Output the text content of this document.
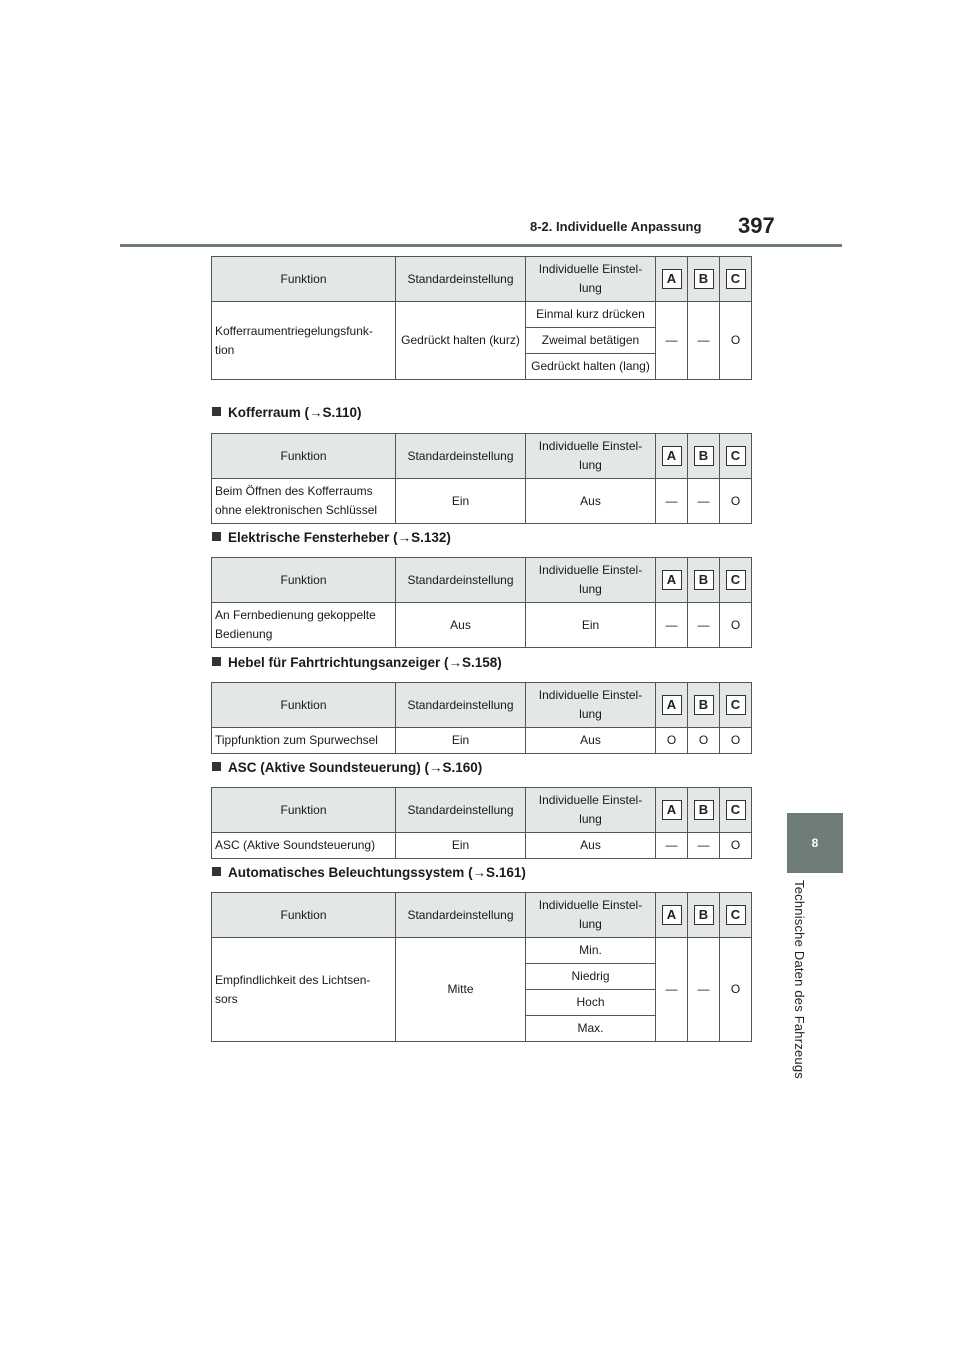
8-2. Individuelle Anpassung 397
8
Technische Daten des Fahrzeugs
Funktion	Standardeinstellung	Individuelle Einstel-lung	A	B	C
Kofferraumentriegelungsfunk-tion	Gedrückt halten (kurz)	Einmal kurz drücken	—	—	O
		Zweimal betätigen			
		Gedrückt halten (lang)			
Kofferraum (→S.110)
Funktion	Standardeinstellung	Individuelle Einstel-lung	A	B	C
Beim Öffnen des Kofferraums ohne elektronischen Schlüssel	Ein	Aus	—	—	O
Elektrische Fensterheber (→S.132)
Funktion	Standardeinstellung	Individuelle Einstel-lung	A	B	C
An Fernbedienung gekoppelte Bedienung	Aus	Ein	—	—	O
Hebel für Fahrtrichtungsanzeiger (→S.158)
Funktion	Standardeinstellung	Individuelle Einstel-lung	A	B	C
Tippfunktion zum Spurwechsel	Ein	Aus	O	O	O
ASC (Aktive Soundsteuerung) (→S.160)
Funktion	Standardeinstellung	Individuelle Einstel-lung	A	B	C
ASC (Aktive Soundsteuerung)	Ein	Aus	—	—	O
Automatisches Beleuchtungssystem (→S.161)
Funktion	Standardeinstellung	Individuelle Einstel-lung	A	B	C
Empfindlichkeit des Lichtsen-sors	Mitte	Min.	—	—	O
		Niedrig			
		Hoch			
		Max.			
